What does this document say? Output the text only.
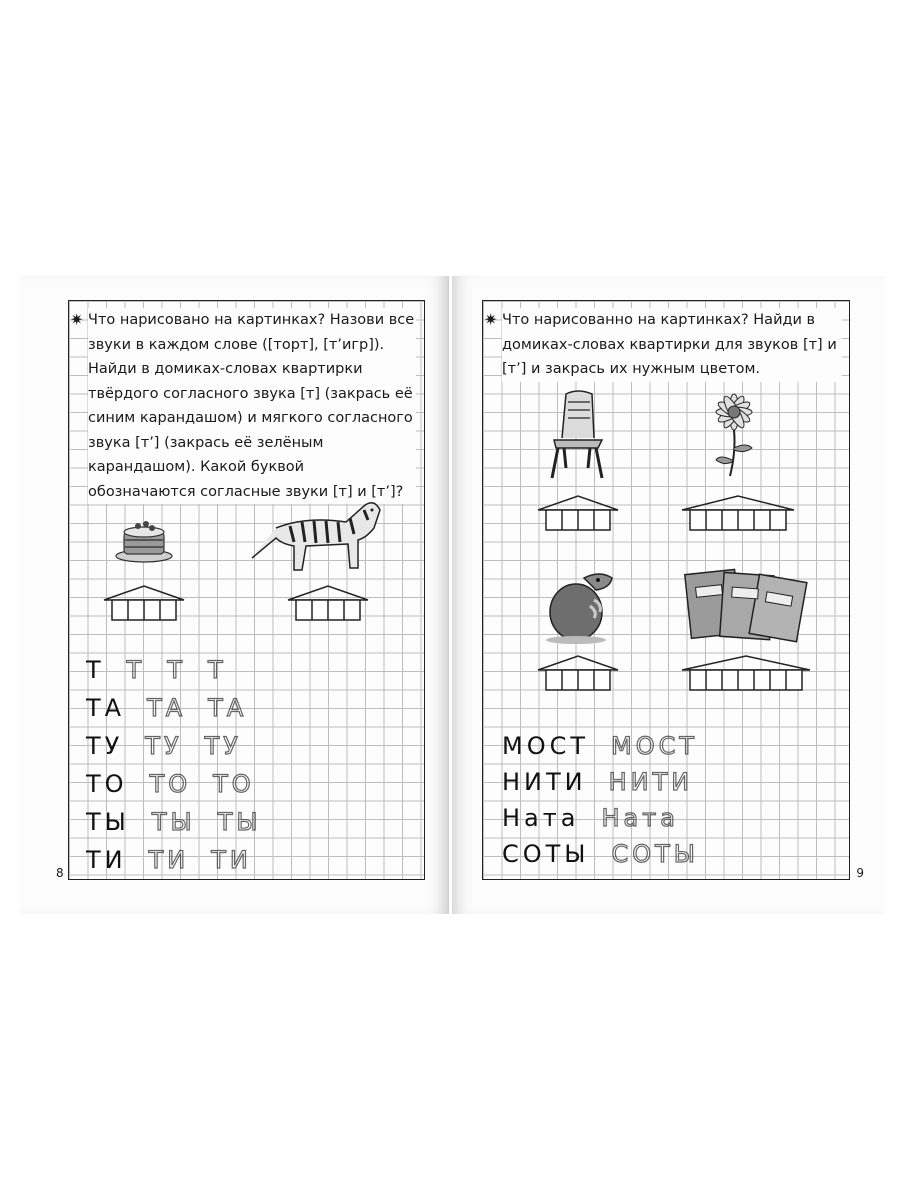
✷ Что нарисовано на картинках? Назови все звуки в каждом слове ([торт], [т’игр]). Найди в домиках-словах квартирки твёрдого согласного звука [т] (закрась её синим карандашом) и мягкого согласного звука [т’] (закрась её зелёным карандашом). Какой буквой обозначаются согласные звуки [т] и [т’]?
Т Т Т Т
ТА ТА ТА
ТУ ТУ ТУ
ТО ТО ТО
ТЫ ТЫ ТЫ
ТИ ТИ ТИ
8
✷ Что нарисованно на картинках? Найди в домиках-словах квартирки для звуков [т] и [т’] и закрась их нужным цветом.
МОСТ МОСТ
НИТИ НИТИ
Ната Ната
СОТЫ СОТЫ
9
